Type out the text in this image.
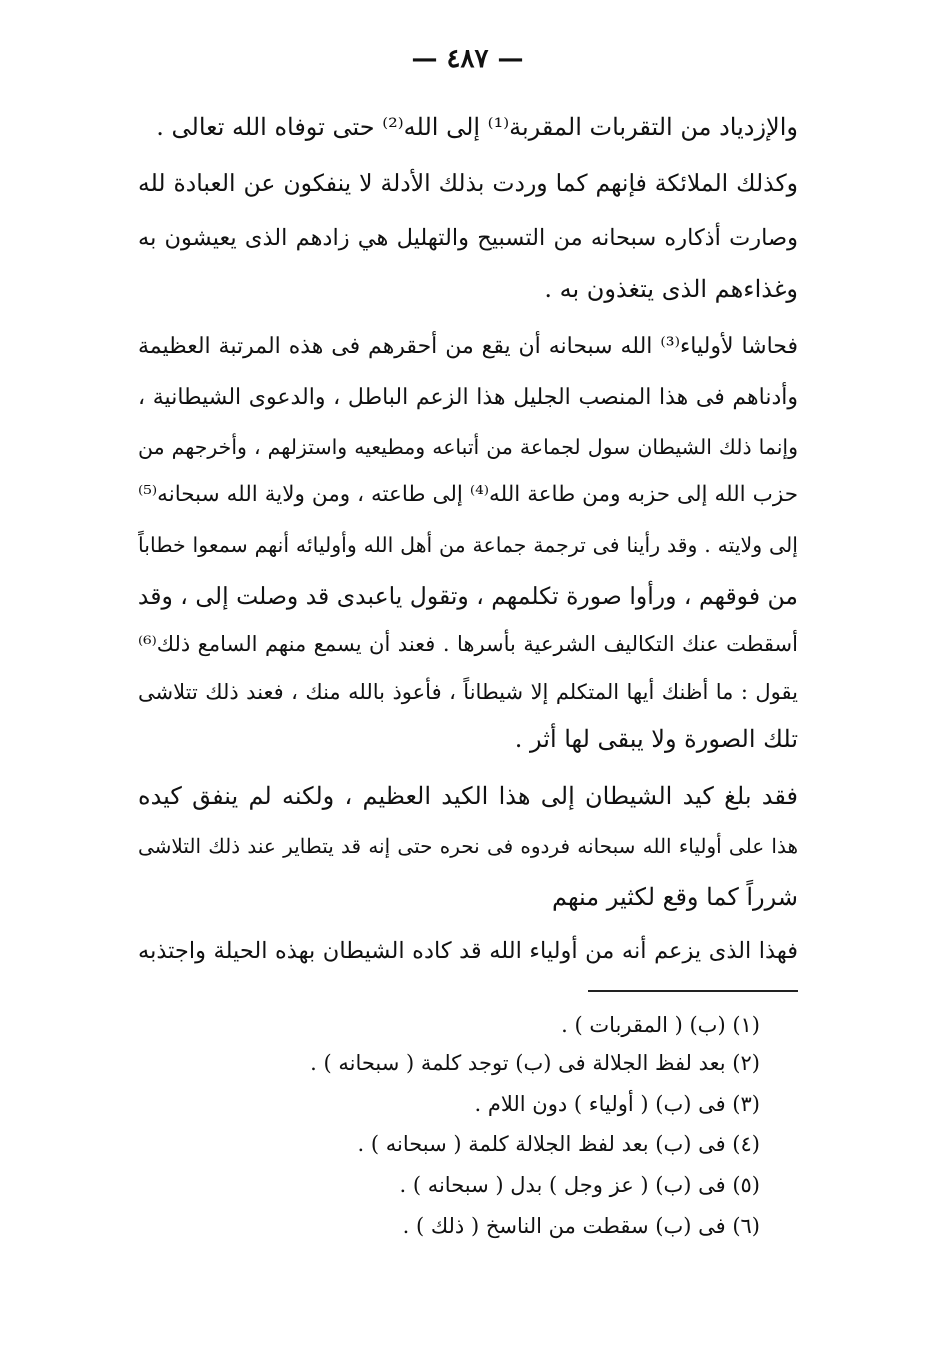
— ٤٨٧ —
والإزدياد من التقربات المقربة⁽¹⁾ إلى الله⁽²⁾ حتى توفاه الله تعالى .
وكذلك الملائكة فإنهم كما وردت بذلك الأدلة لا ينفكون عن العبادة لله
وصارت أذكاره سبحانه من التسبيح والتهليل هي زادهم الذى يعيشون به
وغذاءهم الذى يتغذون به .
فحاشا لأولياء⁽³⁾ الله سبحانه أن يقع من أحقرهم فى هذه المرتبة العظيمة
وأدناهم فى هذا المنصب الجليل هذا الزعم الباطل ، والدعوى الشيطانية ،
وإنما ذلك الشيطان سول لجماعة من أتباعه ومطيعيه واستزلهم ، وأخرجهم من
حزب الله إلى حزبه ومن طاعة الله⁽⁴⁾ إلى طاعته ، ومن ولاية الله سبحانه⁽⁵⁾
إلى ولايته . وقد رأينا فى ترجمة جماعة من أهل الله وأوليائه أنهم سمعوا خطاباً
من فوقهم ، ورأوا صورة تكلمهم ، وتقول ياعبدى قد وصلت إلى ، وقد
أسقطت عنك التكاليف الشرعية بأسرها . فعند أن يسمع منهم السامع ذلك⁽⁶⁾
يقول : ما أظنك أيها المتكلم إلا شيطاناً ، فأعوذ بالله منك ، فعند ذلك تتلاشى
تلك الصورة ولا يبقى لها أثر .
فقد بلغ كيد الشيطان إلى هذا الكيد العظيم ، ولكنه لم ينفق كيده
هذا على أولياء الله سبحانه فردوه فى نحره حتى إنه قد يتطاير عند ذلك التلاشى
شرراً كما وقع لكثير منهم
فهذا الذى يزعم أنه من أولياء الله قد كاده الشيطان بهذه الحيلة واجتذبه
(١) (ب) ( المقربات ) .
(٢) بعد لفظ الجلالة فى (ب) توجد كلمة ( سبحانه ) .
(٣) فى (ب) ( أولياء ) دون اللام .
(٤) فى (ب) بعد لفظ الجلالة كلمة ( سبحانه ) .
(٥) فى (ب) ( عز وجل ) بدل ( سبحانه ) .
(٦) فى (ب) سقطت من الناسخ ( ذلك ) .
